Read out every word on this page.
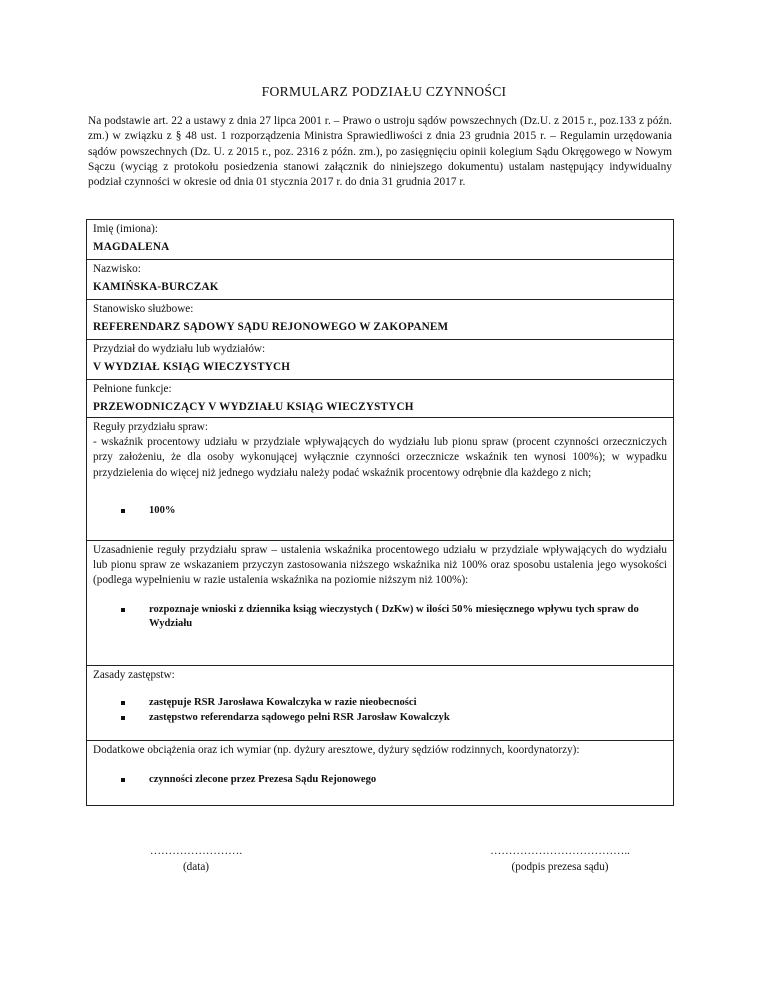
FORMULARZ PODZIAŁU CZYNNOŚCI

Na podstawie art. 22 a ustawy z dnia 27 lipca 2001 r. – Prawo o ustroju sądów powszechnych (Dz.U. z 2015 r., poz.133 z późn. zm.) w związku z § 48 ust. 1 rozporządzenia Ministra Sprawiedliwości z dnia 23 grudnia 2015 r. – Regulamin urzędowania sądów powszechnych (Dz. U. z 2015 r., poz. 2316 z późn. zm.), po zasięgnięciu opinii kolegium Sądu Okręgowego w Nowym Sączu (wyciąg z protokołu posiedzenia stanowi załącznik do niniejszego dokumentu) ustalam następujący indywidualny podział czynności w okresie od dnia 01 stycznia 2017 r. do dnia 31 grudnia 2017 r.

Imię (imiona):
MAGDALENA
Nazwisko:
KAMIŃSKA-BURCZAK
Stanowisko służbowe:
REFERENDARZ SĄDOWY SĄDU REJONOWEGO W ZAKOPANEM
Przydział do wydziału lub wydziałów:
V WYDZIAŁ KSIĄG WIECZYSTYCH
Pełnione funkcje:
PRZEWODNICZĄCY V WYDZIAŁU KSIĄG WIECZYSTYCH
Reguły przydziału spraw:
- wskaźnik procentowy udziału w przydziale wpływających do wydziału lub pionu spraw (procent czynności orzeczniczych przy założeniu, że dla osoby wykonującej wyłącznie czynności orzecznicze wskaźnik ten wynosi 100%); w wypadku przydzielenia do więcej niż jednego wydziału należy podać wskaźnik procentowy odrębnie dla każdego z nich;
100%
Uzasadnienie reguły przydziału spraw – ustalenia wskaźnika procentowego udziału w przydziale wpływających do wydziału lub pionu spraw ze wskazaniem przyczyn zastosowania niższego wskaźnika niż 100% oraz sposobu ustalenia jego wysokości (podlega wypełnieniu w razie ustalenia wskaźnika na poziomie niższym niż 100%):
rozpoznaje wnioski z dziennika ksiąg wieczystych ( DzKw) w ilości 50% miesięcznego wpływu tych spraw do Wydziału
Zasady zastępstw:
zastępuje RSR Jarosława Kowalczyka w razie nieobecności
zastępstwo referendarza sądowego pełni RSR Jarosław Kowalczyk
Dodatkowe obciążenia oraz ich wymiar (np. dyżury aresztowe, dyżury sędziów rodzinnych, koordynatorzy):
czynności zlecone przez Prezesa Sądu Rejonowego
…………………….
(data)
………………………………..
(podpis prezesa sądu)
